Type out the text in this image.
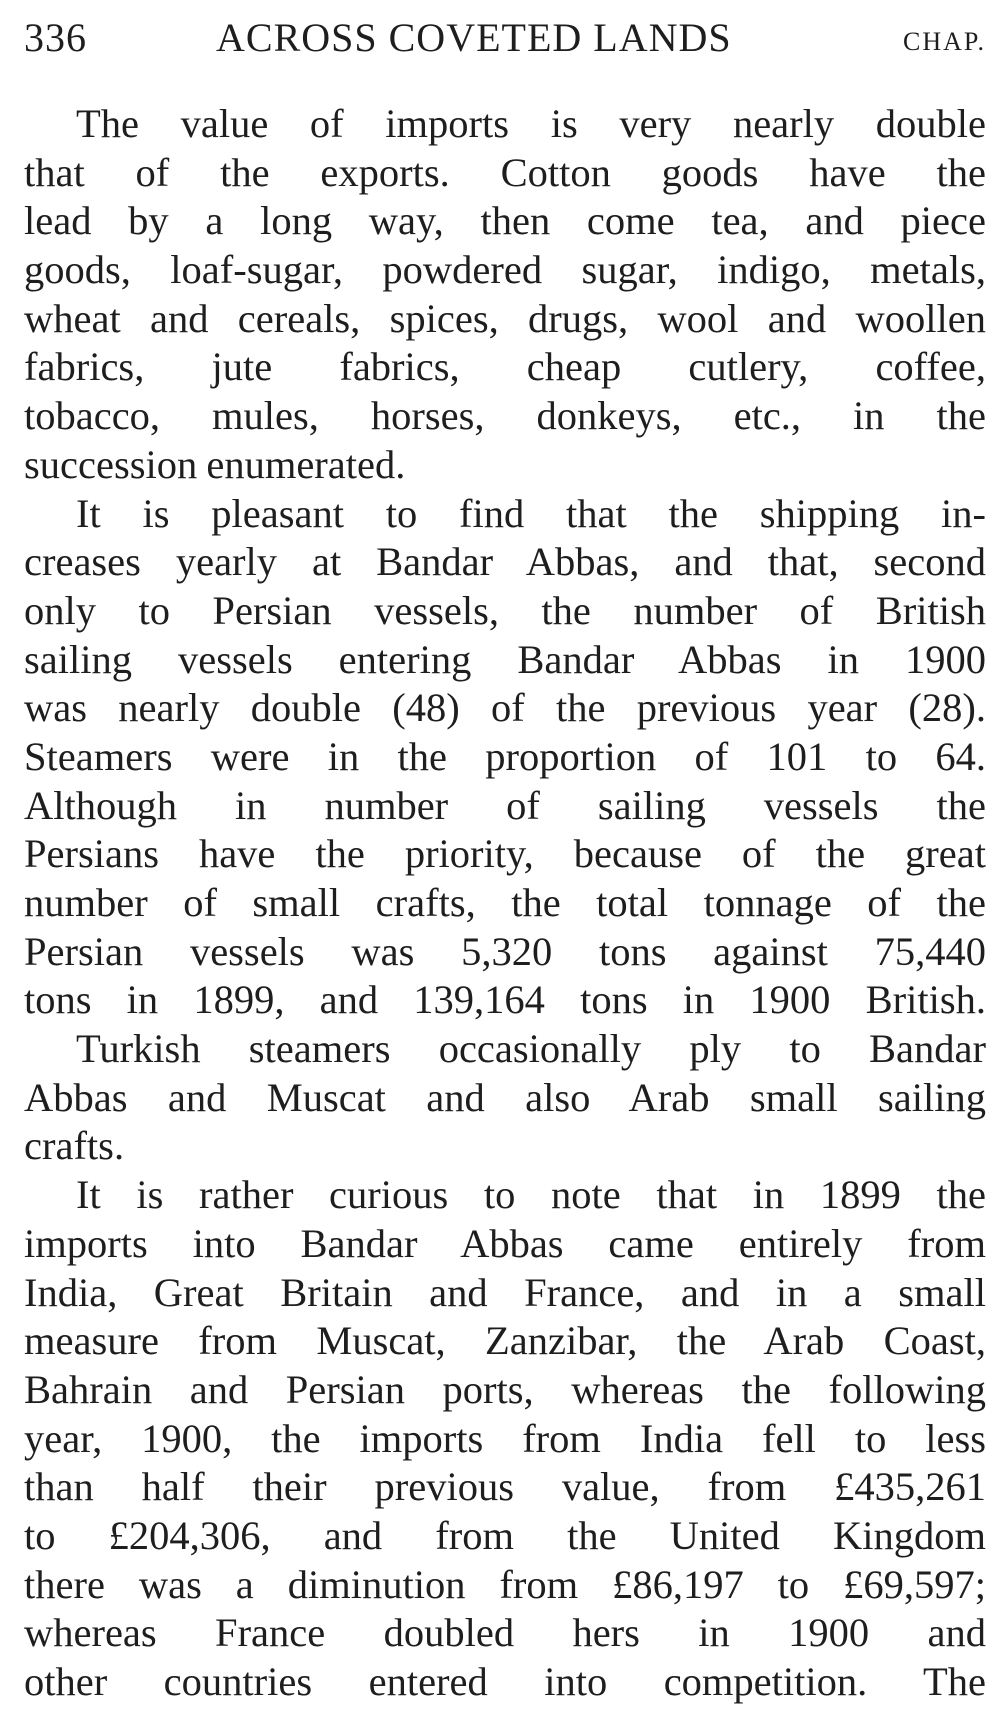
336	ACROSS COVETED LANDS	CHAP.
The value of imports is very nearly double
that of the exports. Cotton goods have the
lead by a long way, then come tea, and piece
goods, loaf-sugar, powdered sugar, indigo, metals,
wheat and cereals, spices, drugs, wool and woollen
fabrics, jute fabrics, cheap cutlery, coffee,
tobacco, mules, horses, donkeys, etc., in the
succession enumerated.
It is pleasant to find that the shipping in-
creases yearly at Bandar Abbas, and that, second
only to Persian vessels, the number of British
sailing vessels entering Bandar Abbas in 1900
was nearly double (48) of the previous year (28).
Steamers were in the proportion of 101 to 64.
Although in number of sailing vessels the
Persians have the priority, because of the great
number of small crafts, the total tonnage of the
Persian vessels was 5,320 tons against 75,440
tons in 1899, and 139,164 tons in 1900 British.
Turkish steamers occasionally ply to Bandar
Abbas and Muscat and also Arab small sailing
crafts.
It is rather curious to note that in 1899 the
imports into Bandar Abbas came entirely from
India, Great Britain and France, and in a small
measure from Muscat, Zanzibar, the Arab Coast,
Bahrain and Persian ports, whereas the following
year, 1900, the imports from India fell to less
than half their previous value, from £435,261
to £204,306, and from the United Kingdom
there was a diminution from £86,197 to £69,597;
whereas France doubled hers in 1900 and
other countries entered into competition. The
